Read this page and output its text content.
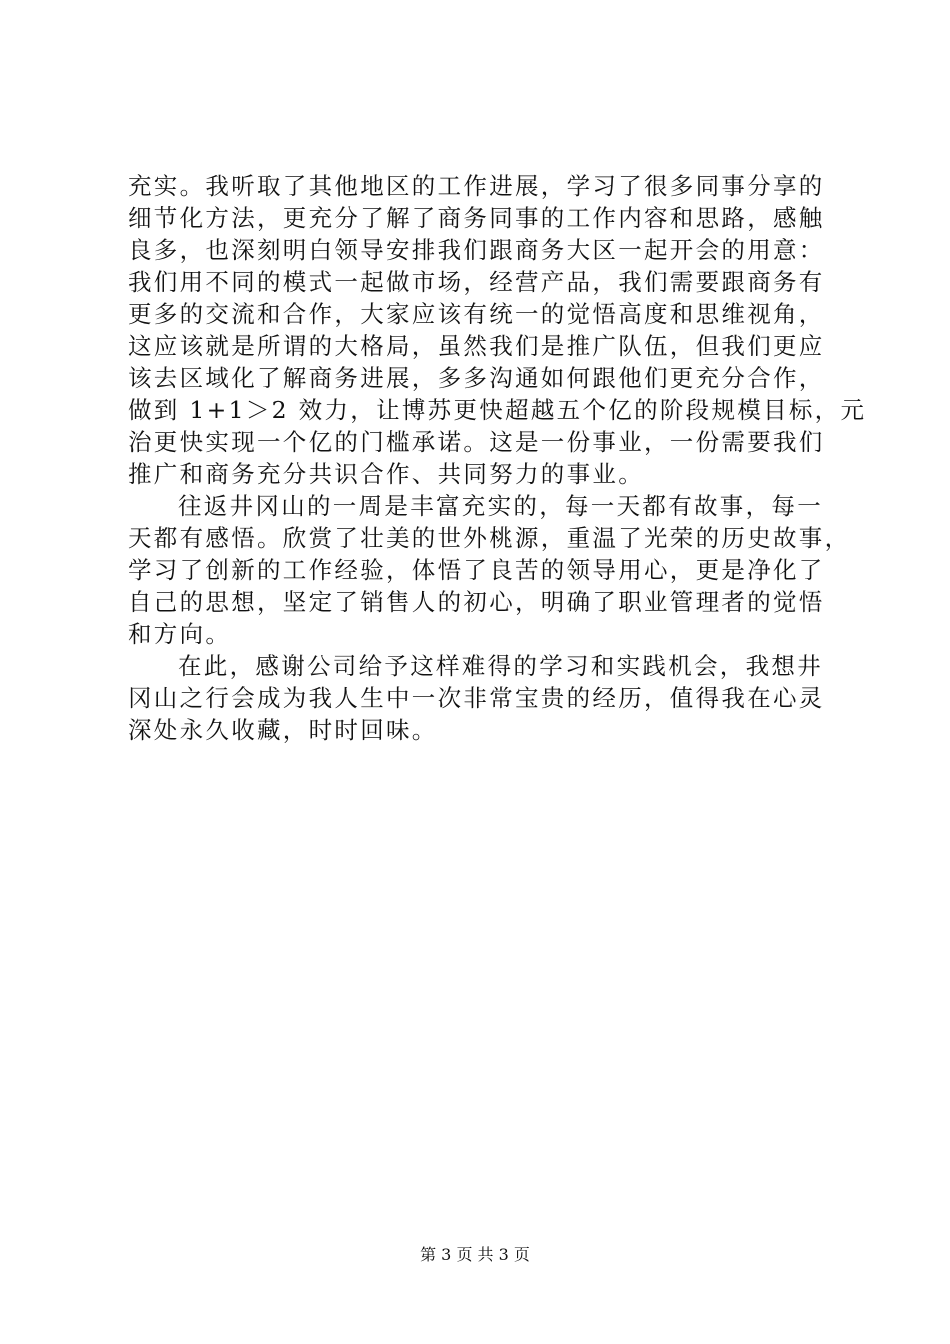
充实。我听取了其他地区的工作进展，学习了很多同事分享的
细节化方法，更充分了解了商务同事的工作内容和思路，感触
良多，也深刻明白领导安排我们跟商务大区一起开会的用意：
我们用不同的模式一起做市场，经营产品，我们需要跟商务有
更多的交流和合作，大家应该有统一的觉悟高度和思维视角，
这应该就是所谓的大格局，虽然我们是推广队伍，但我们更应
该去区域化了解商务进展，多多沟通如何跟他们更充分合作，
做到 1+1＞2 效力，让博苏更快超越五个亿的阶段规模目标，元
治更快实现一个亿的门槛承诺。这是一份事业，一份需要我们
推广和商务充分共识合作、共同努力的事业。
往返井冈山的一周是丰富充实的，每一天都有故事，每一
天都有感悟。欣赏了壮美的世外桃源，重温了光荣的历史故事，
学习了创新的工作经验，体悟了良苦的领导用心，更是净化了
自己的思想，坚定了销售人的初心，明确了职业管理者的觉悟
和方向。
在此，感谢公司给予这样难得的学习和实践机会，我想井
冈山之行会成为我人生中一次非常宝贵的经历，值得我在心灵
深处永久收藏，时时回味。
第 3 页 共 3 页
